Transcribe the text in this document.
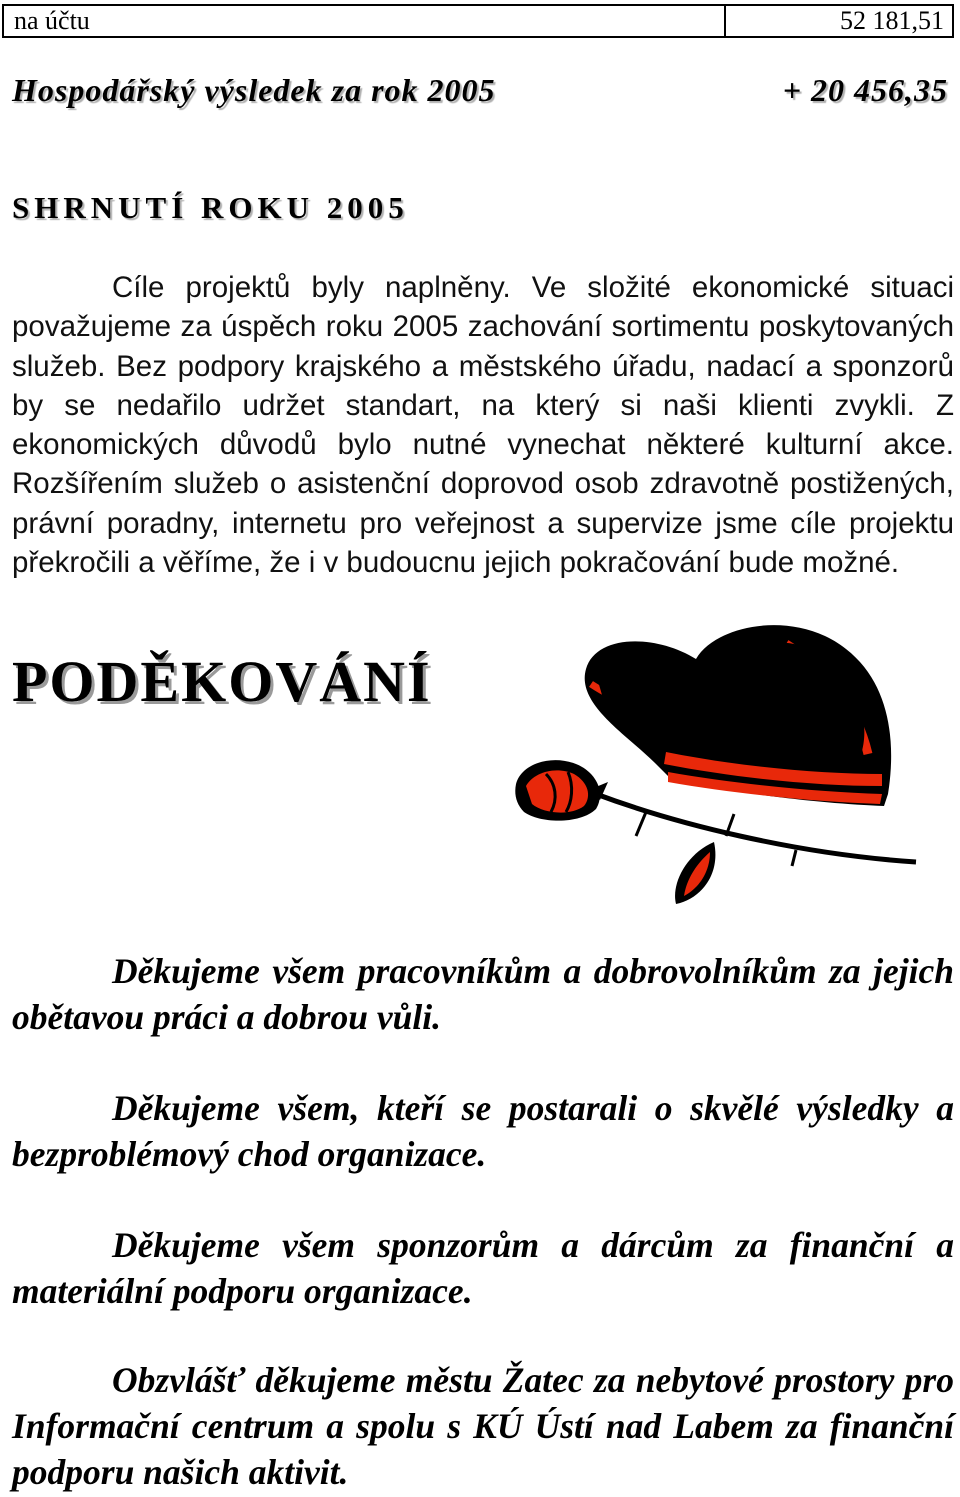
na účtu	52 181,51
Hospodářský výsledek za rok 2005	+ 20 456,35
SHRNUTÍ ROKU 2005

Cíle projektů byly naplněny. Ve složité ekonomické situaci považujeme za úspěch roku 2005 zachování sortimentu poskytovaných služeb. Bez podpory krajského a městského úřadu, nadací a sponzorů by se nedařilo udržet standart, na který si naši klienti zvykli. Z ekonomických důvodů bylo nutné vynechat některé kulturní akce. Rozšířením služeb o asistenční doprovod osob zdravotně postižených, právní poradny, internetu pro veřejnost a supervize jsme cíle projektu překročili a věříme, že i v budoucnu jejich pokračování bude možné.

PODĚKOVÁNÍ

Děkujeme všem pracovníkům a dobrovolníkům za jejich obětavou práci a dobrou vůli.

Děkujeme všem, kteří se postarali o skvělé výsledky a bezproblémový chod organizace.

Děkujeme všem sponzorům a dárcům za finanční a materiální podporu organizace.

Obzvlášť děkujeme městu Žatec za nebytové prostory pro Informační centrum a spolu s KÚ Ústí nad Labem za finanční podporu našich aktivit.
